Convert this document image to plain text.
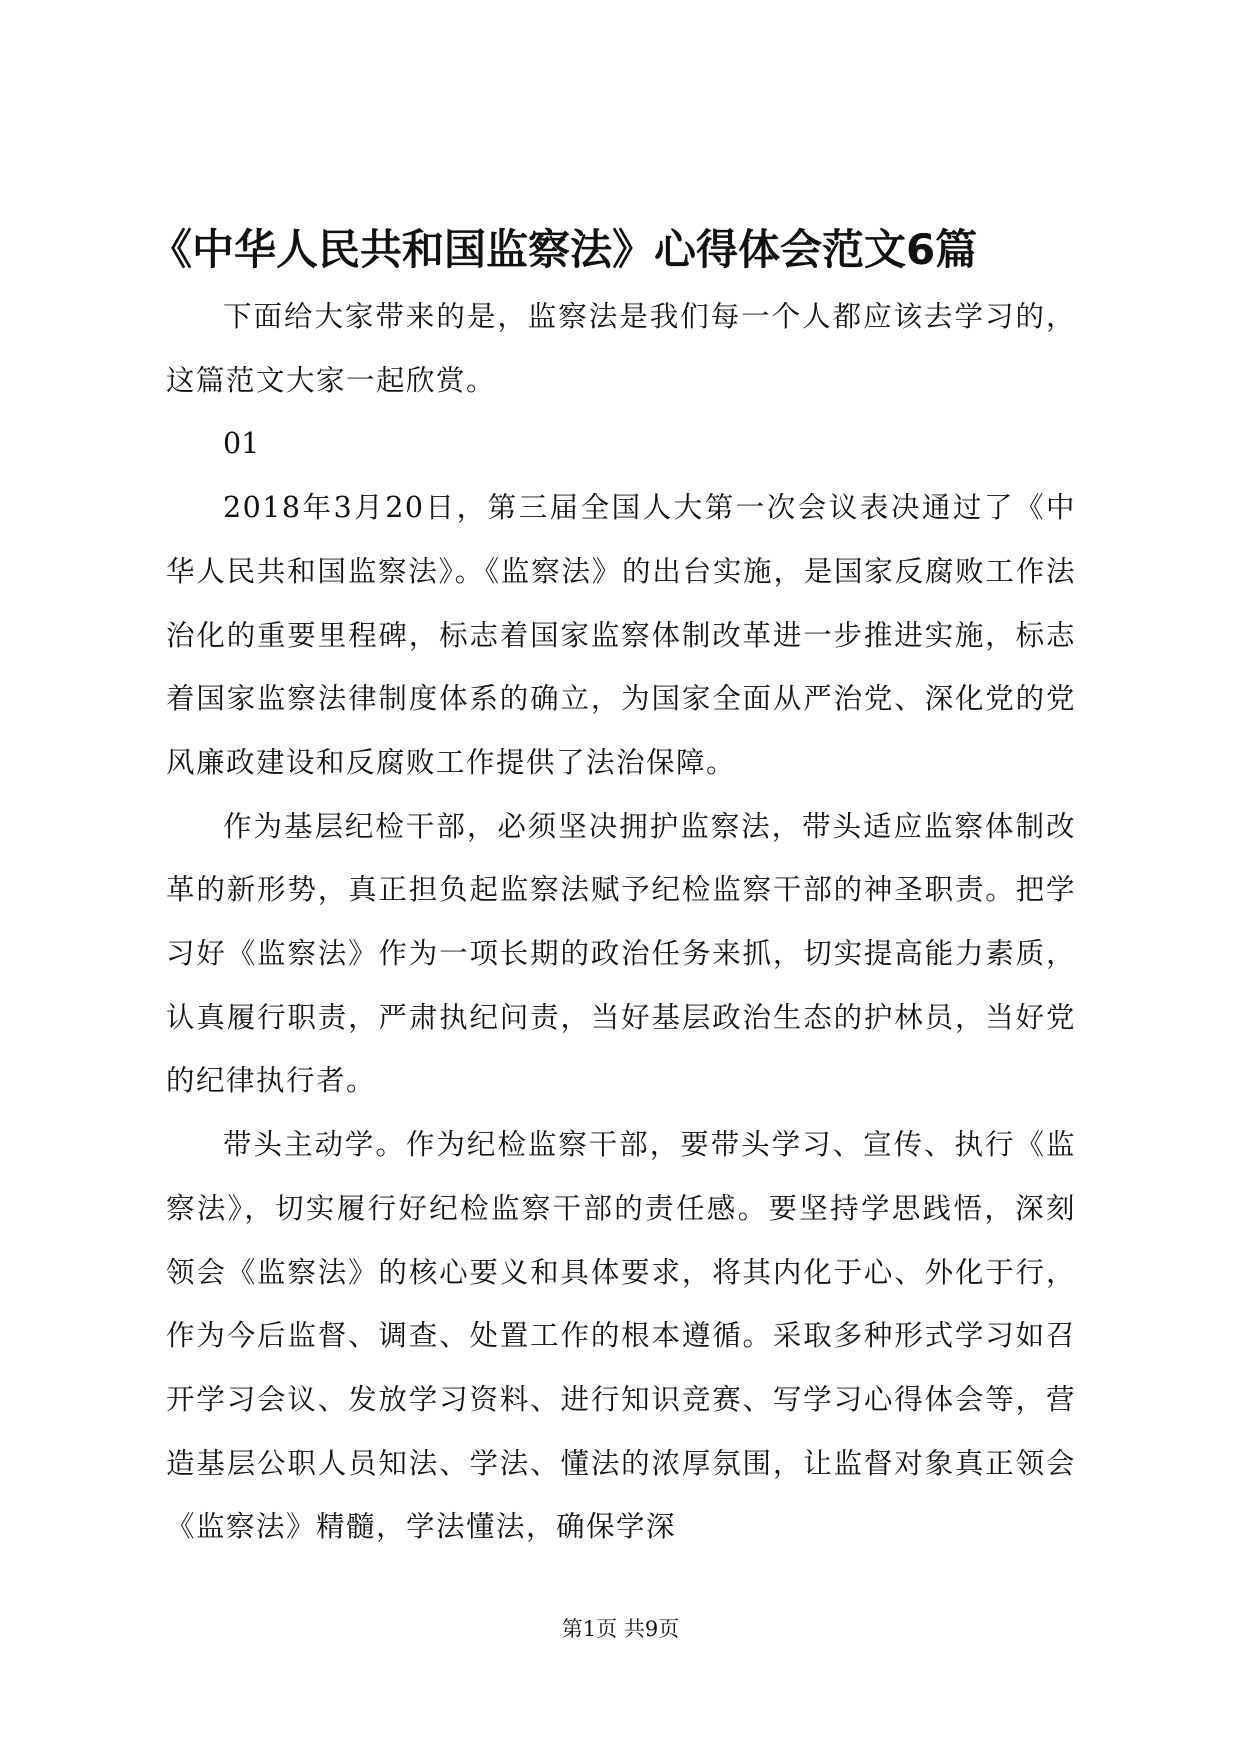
《中华人民共和国监察法》心得体会范文6篇

下面给大家带来的是，监察法是我们每一个人都应该去学习的，这篇范文大家一起欣赏。

01

2018年3月20日，第三届全国人大第一次会议表决通过了《中华人民共和国监察法》。《监察法》的出台实施，是国家反腐败工作法治化的重要里程碑，标志着国家监察体制改革进一步推进实施，标志着国家监察法律制度体系的确立，为国家全面从严治党、深化党的党风廉政建设和反腐败工作提供了法治保障。

作为基层纪检干部，必须坚决拥护监察法，带头适应监察体制改革的新形势，真正担负起监察法赋予纪检监察干部的神圣职责。把学习好《监察法》作为一项长期的政治任务来抓，切实提高能力素质，认真履行职责，严肃执纪问责，当好基层政治生态的护林员，当好党的纪律执行者。

带头主动学。作为纪检监察干部，要带头学习、宣传、执行《监察法》，切实履行好纪检监察干部的责任感。要坚持学思践悟，深刻领会《监察法》的核心要义和具体要求，将其内化于心、外化于行，作为今后监督、调查、处置工作的根本遵循。采取多种形式学习如召开学习会议、发放学习资料、进行知识竞赛、写学习心得体会等，营造基层公职人员知法、学法、懂法的浓厚氛围，让监督对象真正领会《监察法》精髓，学法懂法，确保学深

第1页 共9页
